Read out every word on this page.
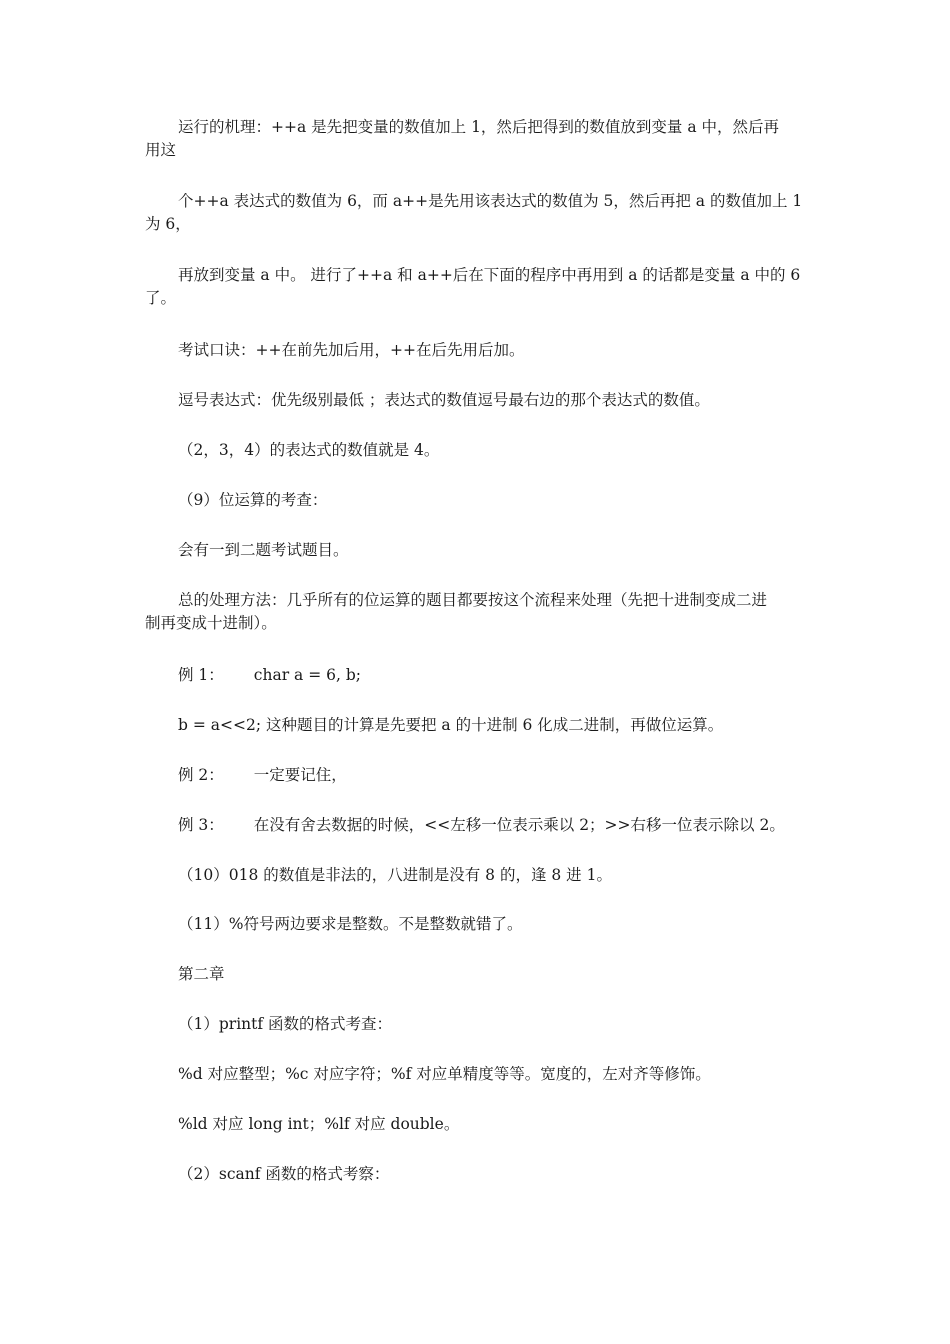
运行的机理：++a 是先把变量的数值加上 1，然后把得到的数值放到变量 a 中，然后再
用这
个++a 表达式的数值为 6，而 a++是先用该表达式的数值为 5，然后再把 a 的数值加上 1
为 6，
再放到变量 a 中。 进行了++a 和 a++后在下面的程序中再用到 a 的话都是变量 a 中的 6
了。
考试口诀：++在前先加后用，++在后先用后加。
逗号表达式：优先级别最低 ；表达式的数值逗号最右边的那个表达式的数值。
（2，3，4）的表达式的数值就是 4。
（9）位运算的考查：
会有一到二题考试题目。
总的处理方法：几乎所有的位运算的题目都要按这个流程来处理（先把十进制变成二进
制再变成十进制）。
例 1： char a = 6, b;
b = a<<2; 这种题目的计算是先要把 a 的十进制 6 化成二进制，再做位运算。
例 2： 一定要记住，
例 3： 在没有舍去数据的时候，<<左移一位表示乘以 2；>>右移一位表示除以 2。
（10）018 的数值是非法的，八进制是没有 8 的，逢 8 进 1。
（11）%符号两边要求是整数。不是整数就错了。
第二章
（1）printf 函数的格式考查：
%d 对应整型；%c 对应字符；%f 对应单精度等等。宽度的，左对齐等修饰。
%ld 对应 long int；%lf 对应 double。
（2）scanf 函数的格式考察：
